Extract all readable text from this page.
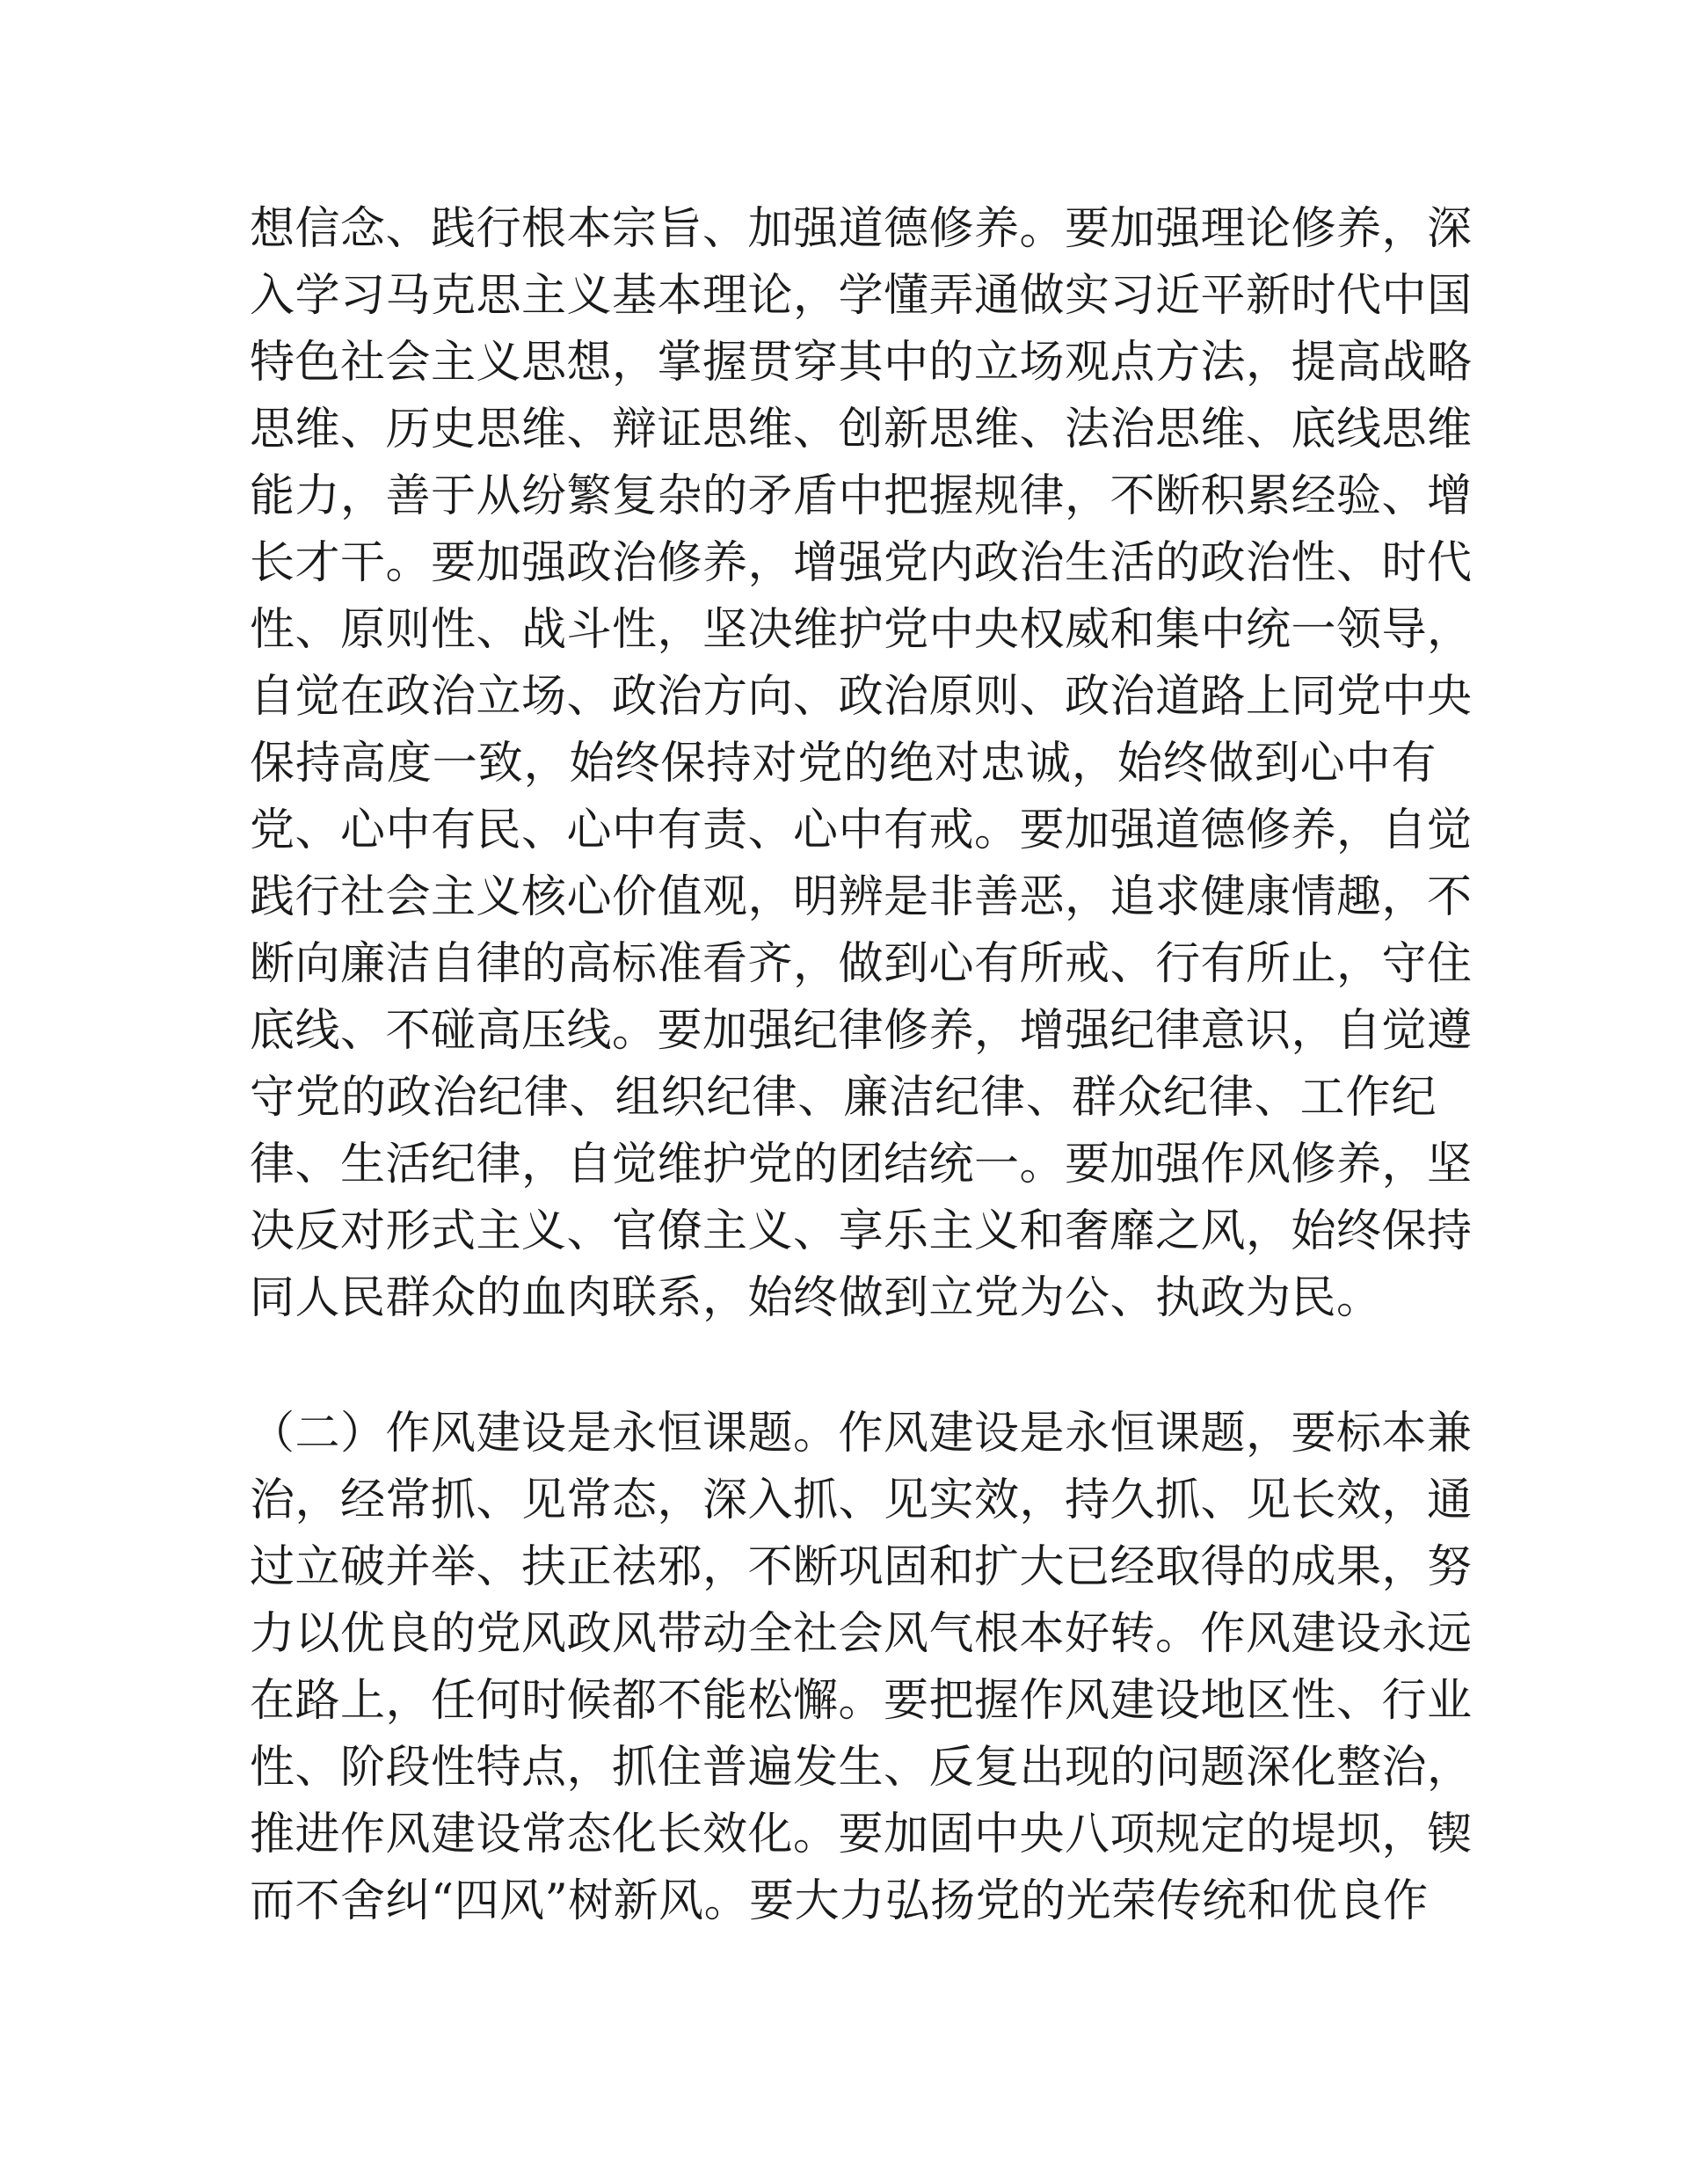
想信念、践行根本宗旨、加强道德修养。要加强理论修养，深
入学习马克思主义基本理论，学懂弄通做实习近平新时代中国
特色社会主义思想，掌握贯穿其中的立场观点方法，提高战略
思维、历史思维、辩证思维、创新思维、法治思维、底线思维
能力，善于从纷繁复杂的矛盾中把握规律，不断积累经验、增
长才干。要加强政治修养，增强党内政治生活的政治性、时代
性、原则性、战斗性，坚决维护党中央权威和集中统一领导，
自觉在政治立场、政治方向、政治原则、政治道路上同党中央
保持高度一致，始终保持对党的绝对忠诚，始终做到心中有
党、心中有民、心中有责、心中有戒。要加强道德修养，自觉
践行社会主义核心价值观，明辨是非善恶，追求健康情趣，不
断向廉洁自律的高标准看齐，做到心有所戒、行有所止，守住
底线、不碰高压线。要加强纪律修养，增强纪律意识，自觉遵
守党的政治纪律、组织纪律、廉洁纪律、群众纪律、工作纪
律、生活纪律，自觉维护党的团结统一。要加强作风修养，坚
决反对形式主义、官僚主义、享乐主义和奢靡之风，始终保持
同人民群众的血肉联系，始终做到立党为公、执政为民。
（二）作风建设是永恒课题。作风建设是永恒课题，要标本兼
治，经常抓、见常态，深入抓、见实效，持久抓、见长效，通
过立破并举、扶正祛邪，不断巩固和扩大已经取得的成果，努
力以优良的党风政风带动全社会风气根本好转。作风建设永远
在路上，任何时候都不能松懈。要把握作风建设地区性、行业
性、阶段性特点，抓住普遍发生、反复出现的问题深化整治，
推进作风建设常态化长效化。要加固中央八项规定的堤坝，锲
而不舍纠“四风”树新风。要大力弘扬党的光荣传统和优良作
